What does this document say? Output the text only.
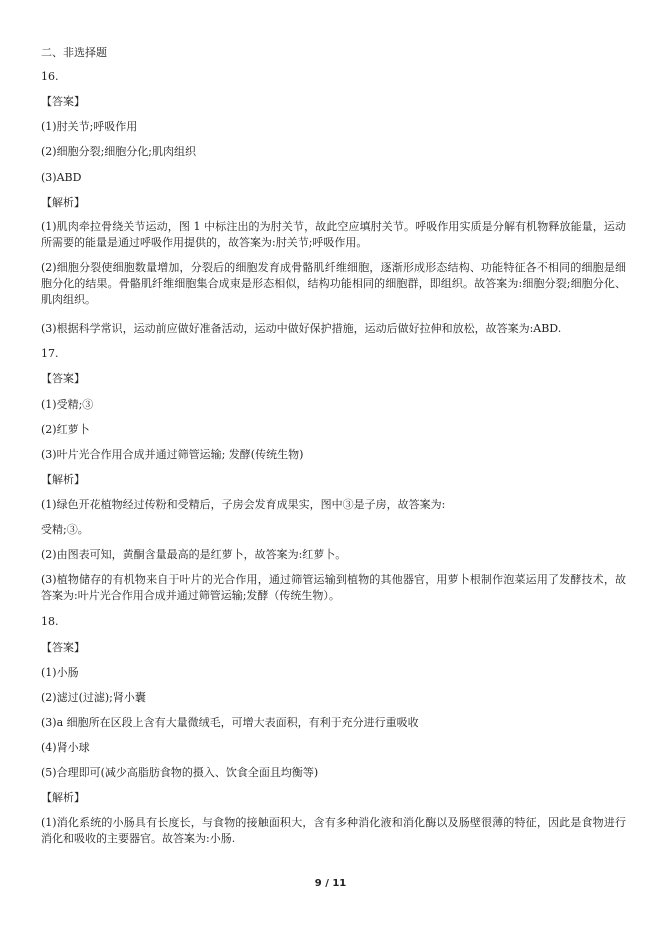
二、非选择题
16.
【答案】
(1)肘关节;呼吸作用
(2)细胞分裂;细胞分化;肌肉组织
(3)ABD
【解析】
(1)肌肉牵拉骨绕关节运动，图 1 中标注出的为肘关节，故此空应填肘关节。呼吸作用实质是分解有机物释放能量，运动所需要的能量是通过呼吸作用提供的，故答案为:肘关节;呼吸作用。
(2)细胞分裂使细胞数量增加，分裂后的细胞发育成骨骼肌纤维细胞，逐渐形成形态结构、功能特征各不相同的细胞是细胞分化的结果。骨骼肌纤维细胞集合成束是形态相似，结构功能相同的细胞群，即组织。故答案为:细胞分裂;细胞分化、肌肉组织。
(3)根据科学常识，运动前应做好准备活动，运动中做好保护措施，运动后做好拉伸和放松，故答案为:ABD.
17.
【答案】
(1)受精;③
(2)红萝卜
(3)叶片光合作用合成并通过筛管运输; 发酵(传统生物)
【解析】
(1)绿色开花植物经过传粉和受精后，子房会发育成果实，图中③是子房，故答案为:
受精;③。
(2)由图表可知，黄酮含量最高的是红萝卜，故答案为:红萝卜。
(3)植物储存的有机物来自于叶片的光合作用，通过筛管运输到植物的其他器官，用萝卜根制作泡菜运用了发酵技术，故答案为:叶片光合作用合成并通过筛管运输;发酵（传统生物）。
18.
【答案】
(1)小肠
(2)滤过(过滤);肾小囊
(3)a 细胞所在区段上含有大量微绒毛，可增大表面积，有利于充分进行重吸收
(4)肾小球
(5)合理即可(减少高脂肪食物的摄入、饮食全面且均衡等)
【解析】
(1)消化系统的小肠具有长度长，与食物的接触面积大，含有多种消化液和消化酶以及肠壁很薄的特征，因此是食物进行消化和吸收的主要器官。故答案为:小肠.
9 / 11
